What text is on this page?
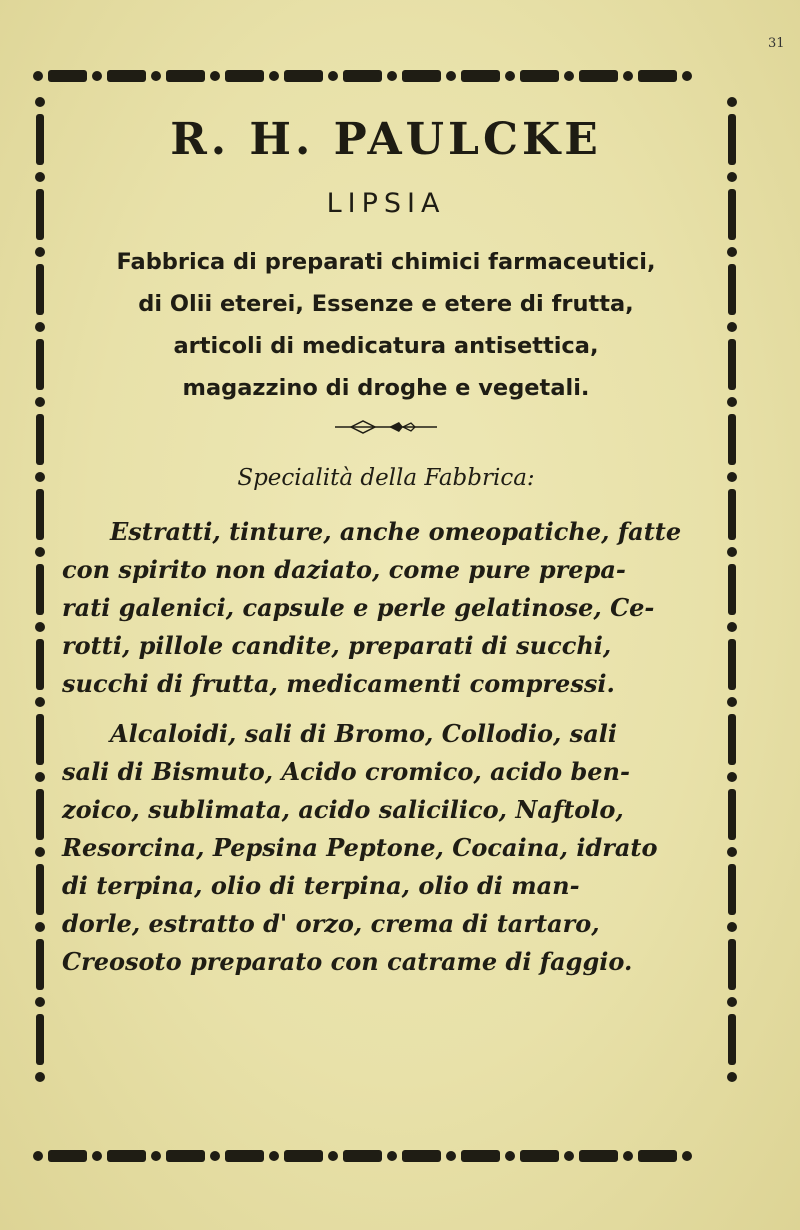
31
R. H. PAULCKE
LIPSIA
Fabbrica di preparati chimici farmaceutici,
di Olii eterei, Essenze e etere di frutta,
articoli di medicatura antisettica,
magazzino di droghe e vegetali.
Specialità della Fabbrica:
Estratti, tinture, anche omeopatiche, fatte
con spirito non daziato, come pure prepa-
rati galenici, capsule e perle gelatinose, Ce-
rotti, pillole candite, preparati di succhi,
succhi di frutta, medicamenti compressi.
Alcaloidi, sali di Bromo, Collodio, sali
sali di Bismuto, Acido cromico, acido ben-
zoico, sublimata, acido salicilico, Naftolo,
Resorcina, Pepsina Peptone, Cocaina, idrato
di terpina, olio di terpina, olio di man-
dorle, estratto d' orzo, crema di tartaro,
Creosoto preparato con catrame di faggio.
